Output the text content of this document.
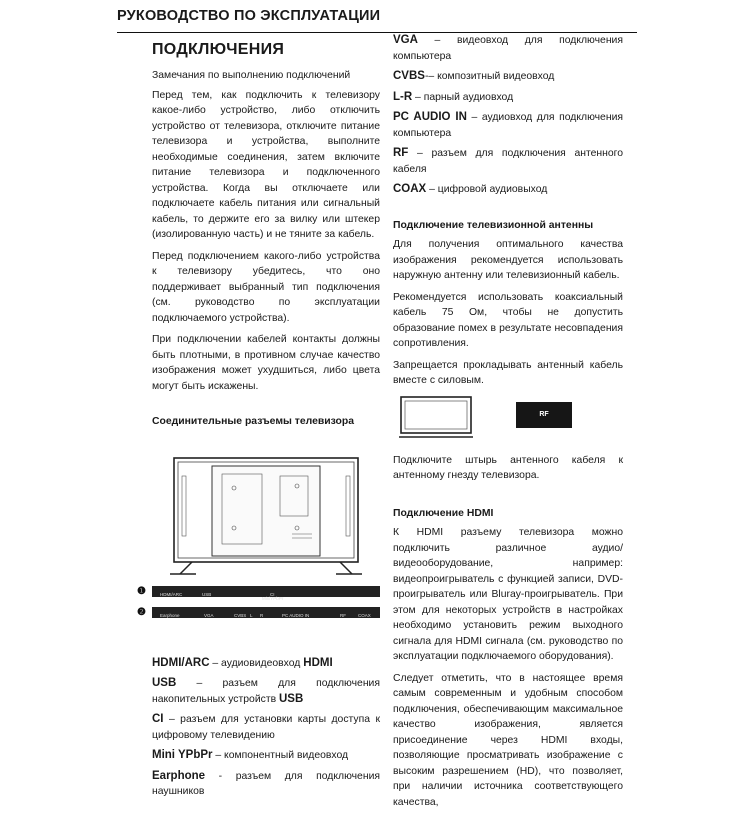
РУКОВОДСТВО ПО ЭКСПЛУАТАЦИИ
ПОДКЛЮЧЕНИЯ

Замечания по выполнению подключений

Перед тем, как подключить к телевизору какое-либо устройство, либо отключить устройство от телевизора, отключите питание телевизора и устройства, выполните необходимые соединения, затем включите питание телевизора и подключенного устройства. Когда вы отключаете или подключаете кабель питания или сигнальный кабель, то держите его за вилку или штекер (изолированную часть) и не тяните за кабель.

Перед подключением какого-либо устройства к телевизору убедитесь, что оно поддерживает выбранный тип подключения (см. руководство по эксплуатации подключаемого устройства).

При подключении кабелей контакты должны быть плотными, в противном случае качество изображения может ухудшиться, либо цвета могут быть искажены.

Соединительные разъемы телевизора

❶	HDMI/ARC	USB	CI
MiniYPbPr
❷	Earphone	VGA	CVBS L R	PC AUDIO IN	RF	COAX

HDMI/ARC – аудиовидеовход HDMI

USB – разъем для подключения накопительных устройств USB

CI – разъем для установки карты доступа к цифровому телевидению

Mini YPbPr – компонентный видеовход

Earphone - разъем для подключения наушников

VGA – видеовход для подключения компьютера

CVBS-– композитный видеовход

L-R – парный аудиовход

PC AUDIO IN – аудиовход для подключения компьютера

RF – разъем для подключения антенного кабеля

COAX – цифровой аудиовыход

Подключение телевизионной антенны

Для получения оптимального качества изображения рекомендуется использовать наружную антенну или телевизионный кабель.

Рекомендуется использовать коаксиальный кабель 75 Ом, чтобы не допустить образование помех в результате несовпадения сопротивления.

Запрещается прокладывать антенный кабель вместе с силовым.

RF

Подключите штырь антенного кабеля к антенному гнезду телевизора.

Подключение HDMI

К HDMI разъему телевизора можно подключить различное аудио/видеооборудование, например: видеопроигрыватель с функцией записи, DVD-проигрыватель или Bluray-проигрыватель. При этом для некоторых устройств в настройках необходимо установить режим выходного сигнала для HDMI сигнала (см. руководство по эксплуатации подключаемого оборудования).

Следует отметить, что в настоящее время самым современным и удобным способом подключения, обеспечивающим максимальное качество изображения, является присоединение через HDMI входы, позволяющие просматривать изображение с высоким разрешением (HD), что позволяет, при наличии источника соответствующего качества,
